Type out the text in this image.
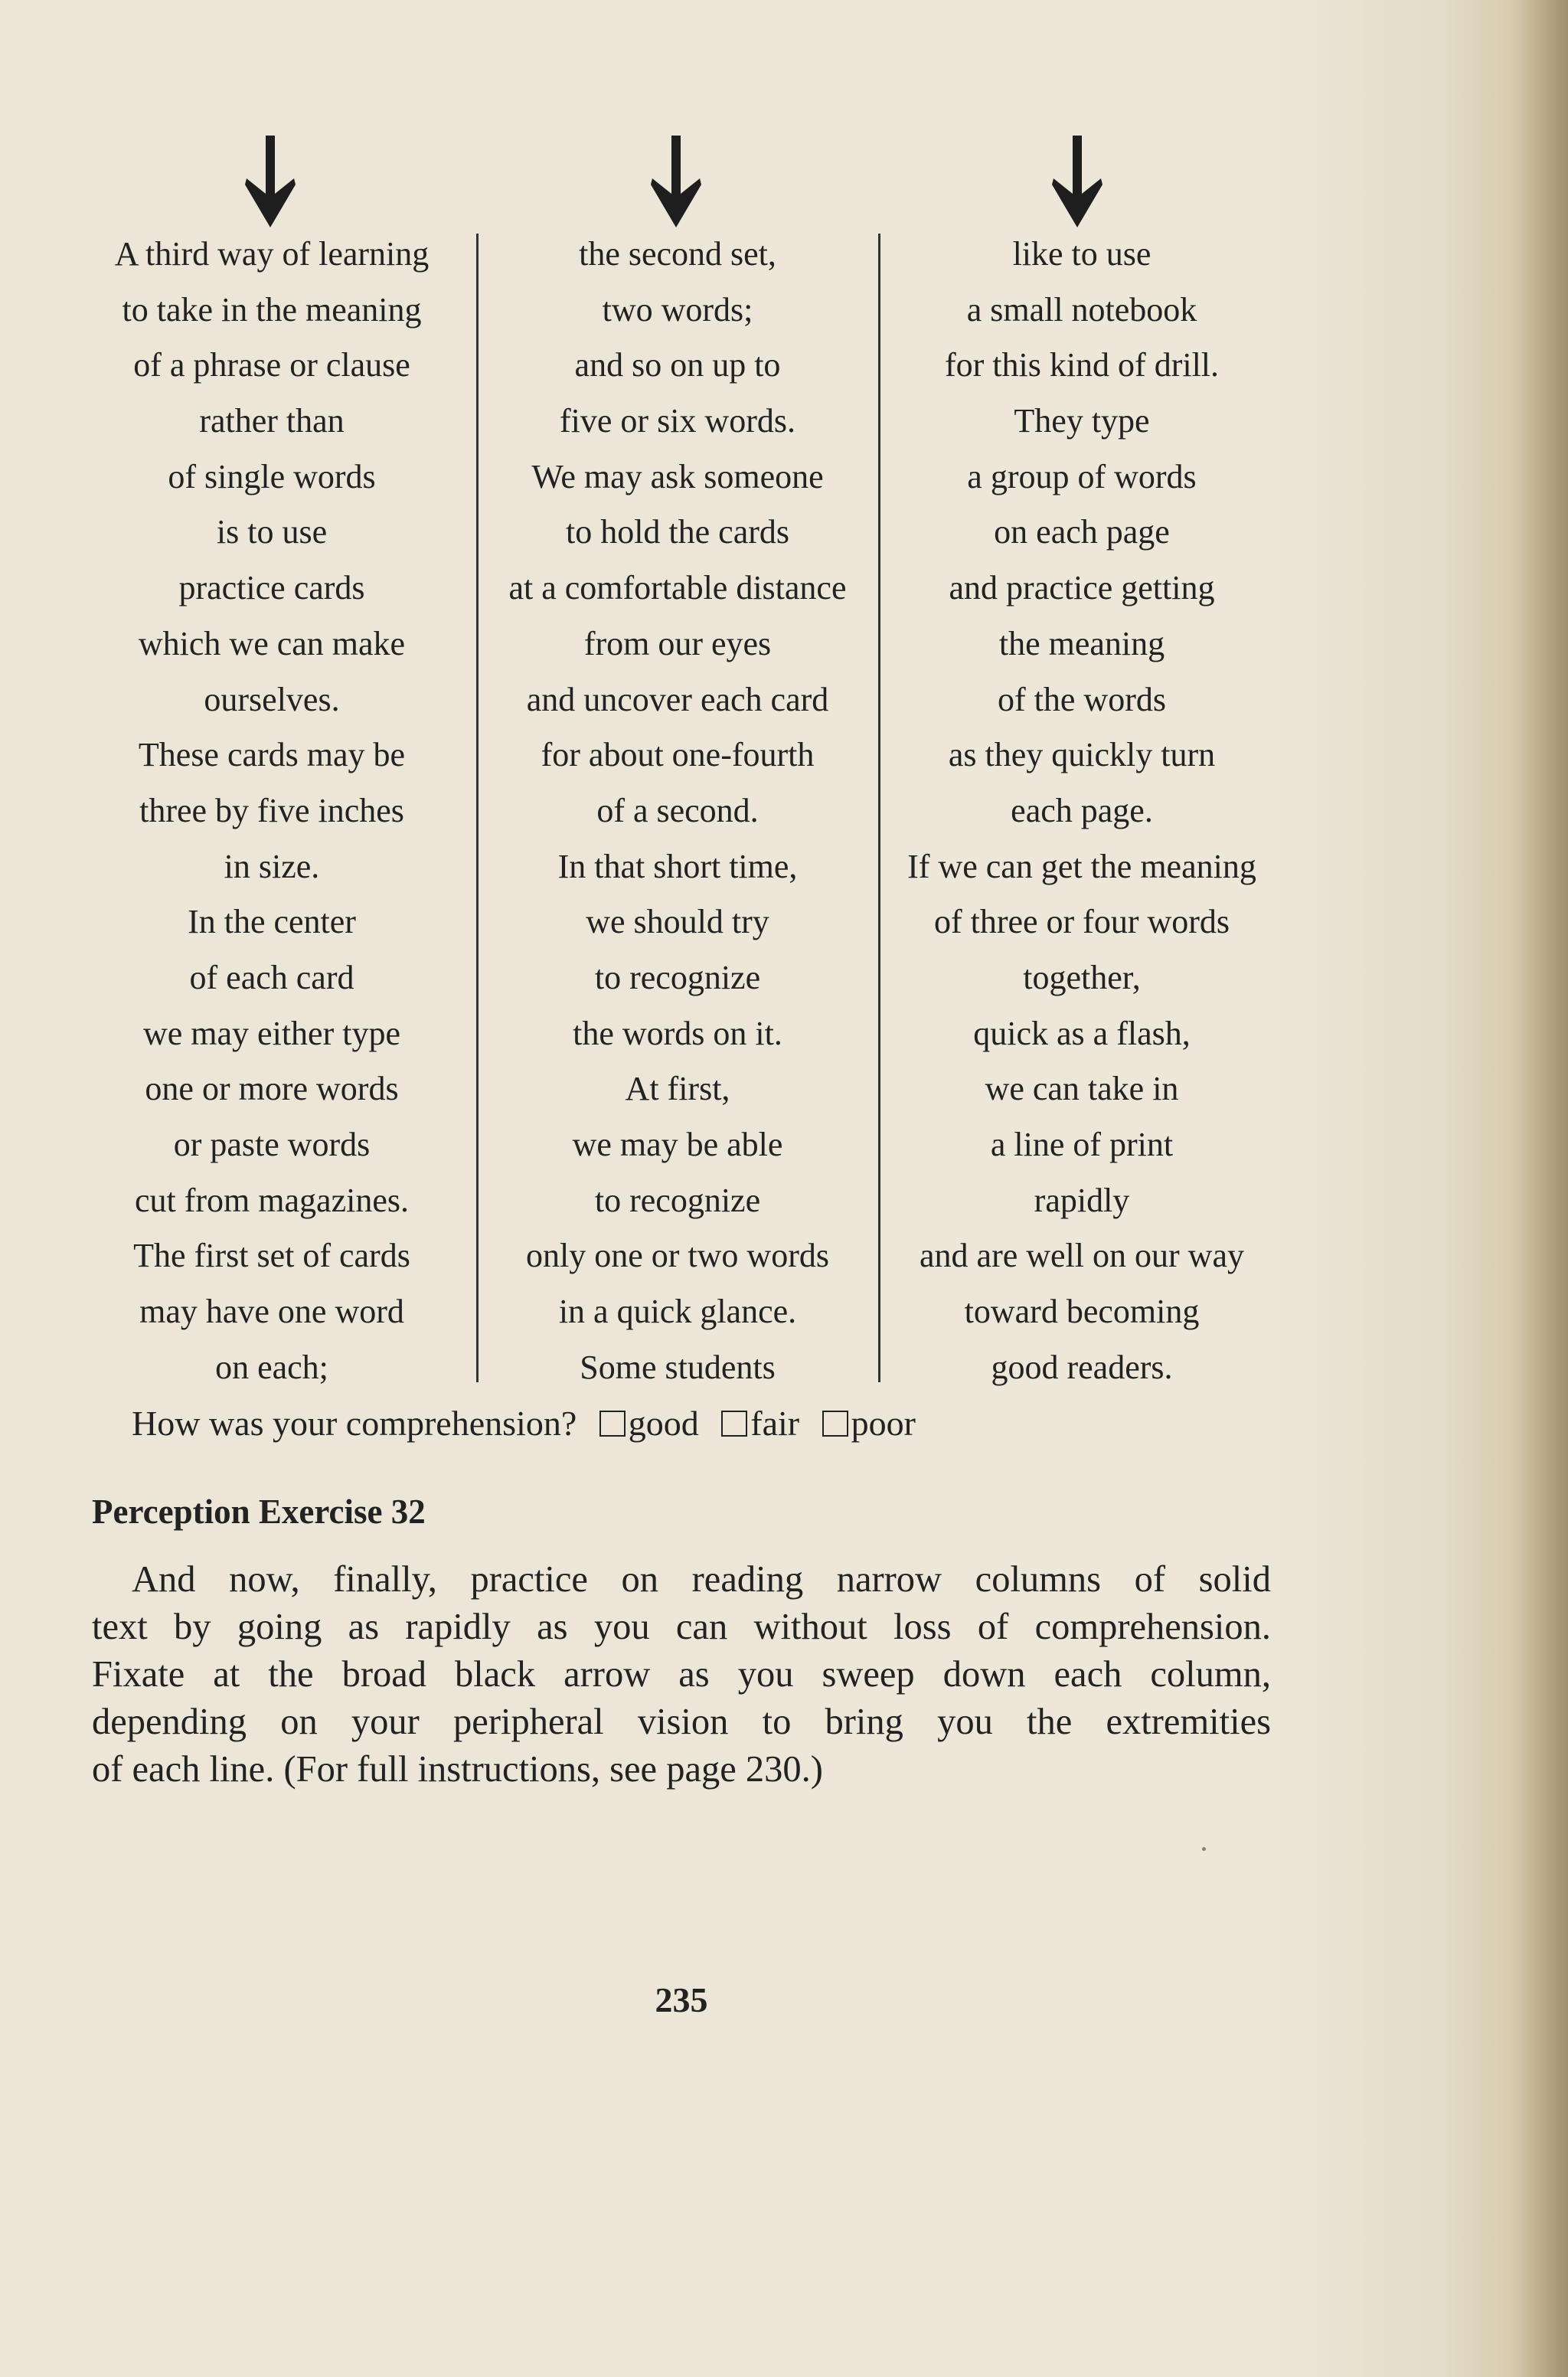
A third way of learning
to take in the meaning
of a phrase or clause
rather than
of single words
is to use
practice cards
which we can make
ourselves.
These cards may be
three by five inches
in size.
In the center
of each card
we may either type
one or more words
or paste words
cut from magazines.
The first set of cards
may have one word
on each;
the second set,
two words;
and so on up to
five or six words.
We may ask someone
to hold the cards
at a comfortable distance
from our eyes
and uncover each card
for about one-fourth
of a second.
In that short time,
we should try
to recognize
the words on it.
At first,
we may be able
to recognize
only one or two words
in a quick glance.
Some students
like to use
a small notebook
for this kind of drill.
They type
a group of words
on each page
and practice getting
the meaning
of the words
as they quickly turn
each page.
If we can get the meaning
of three or four words
together,
quick as a flash,
we can take in
a line of print
rapidly
and are well on our way
toward becoming
good readers.
How was your comprehension? good fair poor
Perception Exercise 32
And now, finally, practice on reading narrow columns of solid
text by going as rapidly as you can without loss of comprehension.
Fixate at the broad black arrow as you sweep down each column,
depending on your peripheral vision to bring you the extremities
of each line. (For full instructions, see page 230.)
235
